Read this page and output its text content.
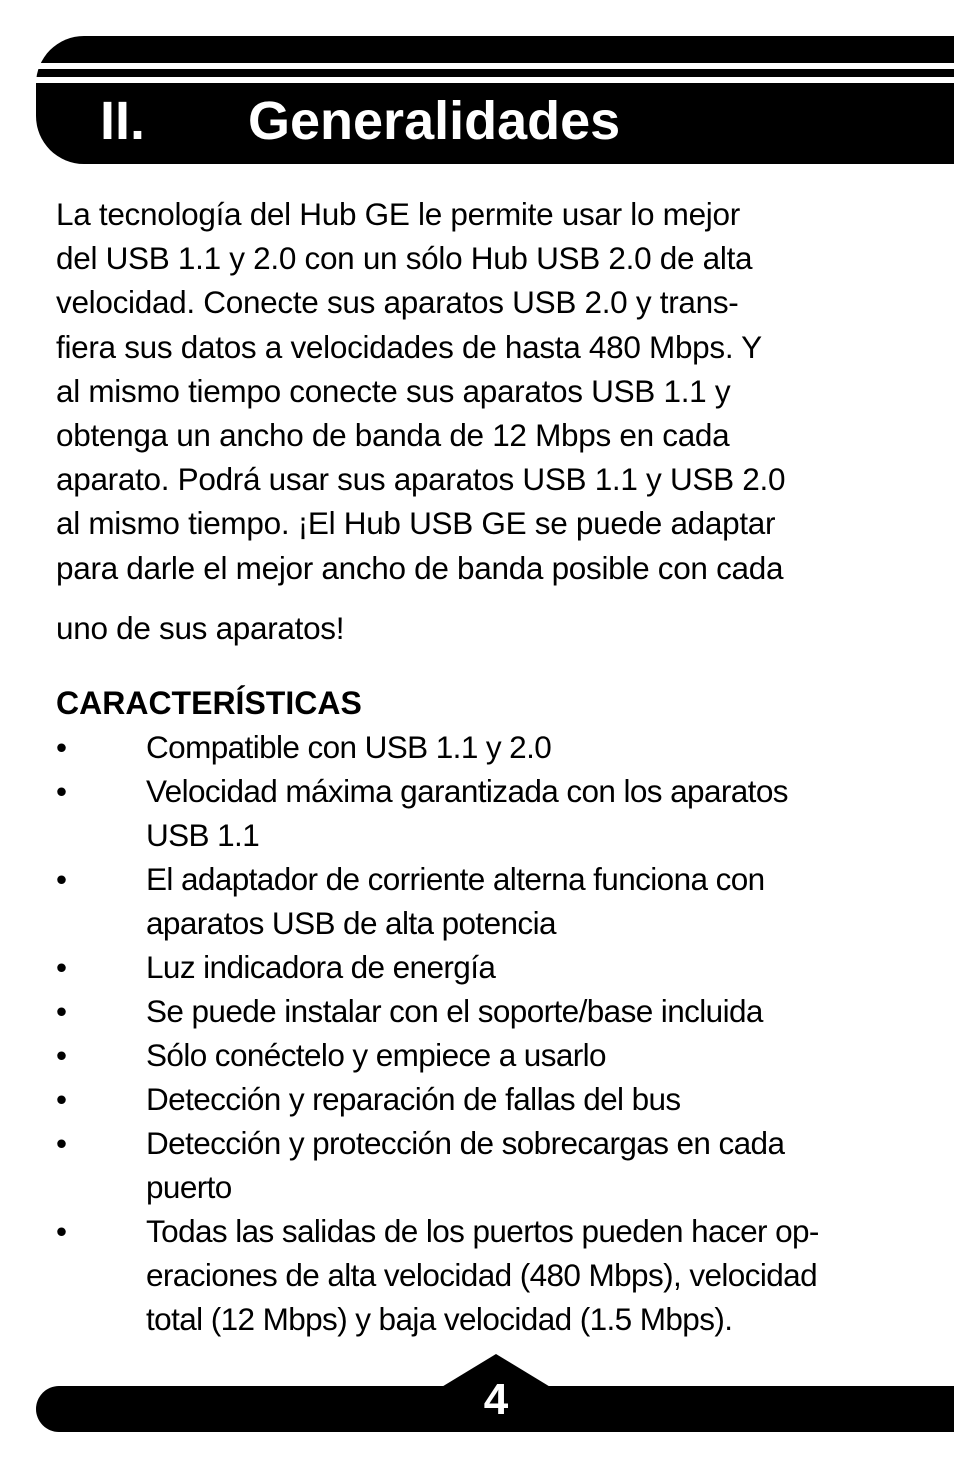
II. Generalidades

La tecnología del Hub GE le permite usar lo mejor
del USB 1.1 y 2.0 con un sólo Hub USB 2.0 de alta
velocidad. Conecte sus aparatos USB 2.0 y trans-
fiera sus datos a velocidades de hasta 480 Mbps. Y
al mismo tiempo conecte sus aparatos USB 1.1 y
obtenga un ancho de banda de 12 Mbps en cada
aparato. Podrá usar sus aparatos USB 1.1 y USB 2.0
al mismo tiempo. ¡El Hub USB GE se puede adaptar
para darle el mejor ancho de banda posible con cada
uno de sus aparatos!

CARACTERÍSTICAS
•	Compatible con USB 1.1 y 2.0
•	Velocidad máxima garantizada con los aparatos
USB 1.1
•	El adaptador de corriente alterna funciona con
aparatos USB de alta potencia
•	Luz indicadora de energía
•	Se puede instalar con el soporte/base incluida
•	Sólo conéctelo y empiece a usarlo
•	Detección y reparación de fallas del bus
•	Detección y protección de sobrecargas en cada
puerto
•	Todas las salidas de los puertos pueden hacer op-
eraciones de alta velocidad (480 Mbps), velocidad
total (12 Mbps) y baja velocidad (1.5 Mbps).
4
